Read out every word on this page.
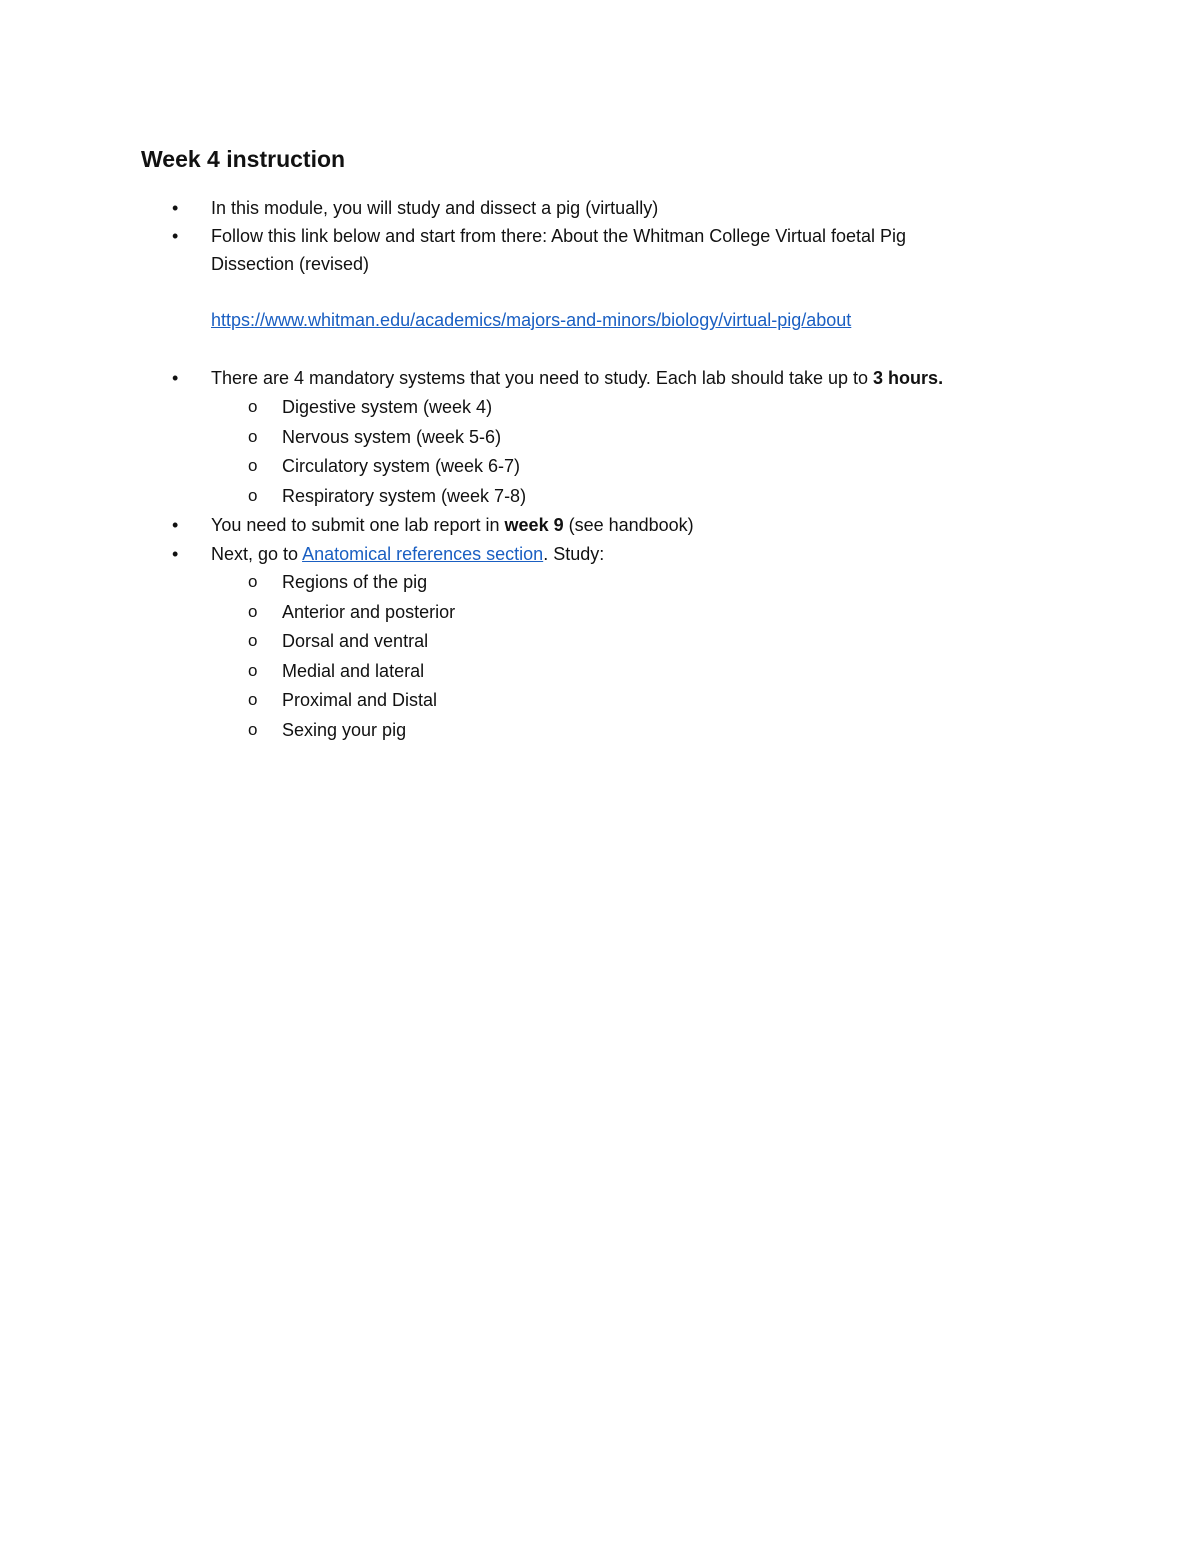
Week 4 instruction
• In this module, you will study and dissect a pig (virtually)
• Follow this link below and start from there: About the Whitman College Virtual foetal Pig
Dissection (revised)
https://www.whitman.edu/academics/majors-and-minors/biology/virtual-pig/about
• There are 4 mandatory systems that you need to study. Each lab should take up to 3 hours.
o Digestive system (week 4)
o Nervous system (week 5-6)
o Circulatory system (week 6-7)
o Respiratory system (week 7-8)
• You need to submit one lab report in week 9 (see handbook)
• Next, go to Anatomical references section. Study:
o Regions of the pig
o Anterior and posterior
o Dorsal and ventral
o Medial and lateral
o Proximal and Distal
o Sexing your pig
